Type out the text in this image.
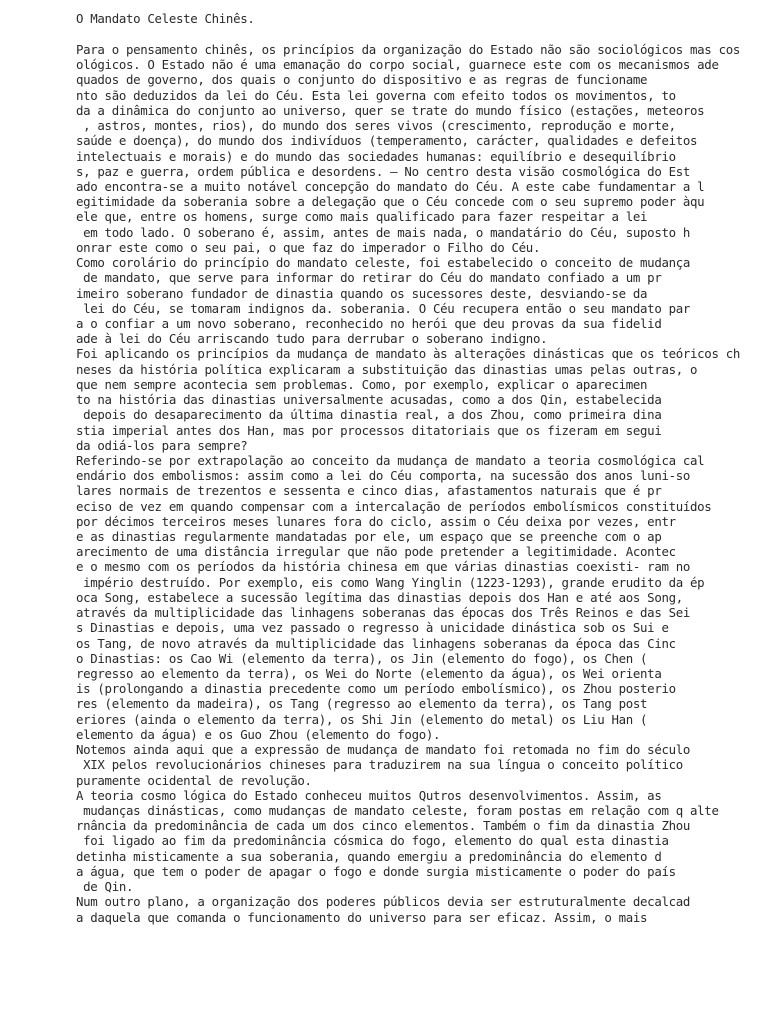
O Mandato Celeste Chinês.
Para o pensamento chinês, os princípios da organização do Estado não são sociológicos mas cos
ológicos. O Estado não é uma emanação do corpo social, guarnece este com os mecanismos ade
quados de governo, dos quais o conjunto do dispositivo e as regras de funcioname
nto são deduzidos da lei do Céu. Esta lei governa com efeito todos os movimentos, to
da a dinâmica do conjunto ao universo, quer se trate do mundo físico (estações, meteoros
, astros, montes, rios), do mundo dos seres vivos (crescimento, reprodução e morte,
saúde e doença), do mundo dos indivíduos (temperamento, carácter, qualidades e defeitos
intelectuais e morais) e do mundo das sociedades humanas: equilíbrio e desequilíbrio
s, paz e guerra, ordem pública e desordens. – No centro desta visão cosmológica do Est
ado encontra-se a muito notável concepção do mandato do Céu. A este cabe fundamentar a l
egitimidade da soberania sobre a delegação que o Céu concede com o seu supremo poder àqu
ele que, entre os homens, surge como mais qualificado para fazer respeitar a lei
em todo lado. O soberano é, assim, antes de mais nada, o mandatário do Céu, suposto h
onrar este como o seu pai, o que faz do imperador o Filho do Céu.
Como corolário do princípio do mandato celeste, foi estabelecido o conceito de mudança
de mandato, que serve para informar do retirar do Céu do mandato confiado a um pr
imeiro soberano fundador de dinastia quando os sucessores deste, desviando-se da
lei do Céu, se tomaram indignos da. soberania. O Céu recupera então o seu mandato par
a o confiar a um novo soberano, reconhecido no herói que deu provas da sua fidelid
ade à lei do Céu arriscando tudo para derrubar o soberano indigno.
Foi aplicando os princípios da mudança de mandato às alterações dinásticas que os teóricos ch
neses da história política explicaram a substituição das dinastias umas pelas outras, o
que nem sempre acontecia sem problemas. Como, por exemplo, explicar o aparecimen
to na história das dinastias universalmente acusadas, como a dos Qin, estabelecida
depois do desaparecimento da última dinastia real, a dos Zhou, como primeira dina
stia imperial antes dos Han, mas por processos ditatoriais que os fizeram em segui
da odiá-los para sempre?
Referindo-se por extrapolação ao conceito da mudança de mandato a teoria cosmológica cal
endário dos embolismos: assim como a lei do Céu comporta, na sucessão dos anos luni-so
lares normais de trezentos e sessenta e cinco dias, afastamentos naturais que é pr
eciso de vez em quando compensar com a intercalação de períodos embolísmicos constituídos
por décimos terceiros meses lunares fora do ciclo, assim o Céu deixa por vezes, entr
e as dinastias regularmente mandatadas por ele, um espaço que se preenche com o ap
arecimento de uma distância irregular que não pode pretender a legitimidade. Acontec
e o mesmo com os períodos da história chinesa em que várias dinastias coexisti- ram no
império destruído. Por exemplo, eis como Wang Yinglin (1223-1293), grande erudito da ép
oca Song, estabelece a sucessão legítima das dinastias depois dos Han e até aos Song,
através da multiplicidade das linhagens soberanas das épocas dos Três Reinos e das Sei
s Dinastias e depois, uma vez passado o regresso à unicidade dinástica sob os Sui e
os Tang, de novo através da multiplicidade das linhagens soberanas da época das Cinc
o Dinastias: os Cao Wi (elemento da terra), os Jin (elemento do fogo), os Chen (
regresso ao elemento da terra), os Wei do Norte (elemento da água), os Wei orienta
is (prolongando a dinastia precedente como um período embolísmico), os Zhou posterio
res (elemento da madeira), os Tang (regresso ao elemento da terra), os Tang post
eriores (ainda o elemento da terra), os Shi Jin (elemento do metal) os Liu Han (
elemento da água) e os Guo Zhou (elemento do fogo).
Notemos ainda aqui que a expressão de mudança de mandato foi retomada no fim do século
XIX pelos revolucionários chineses para traduzirem na sua língua o conceito político
puramente ocidental de revolução.
A teoria cosmo lógica do Estado conheceu muitos Qutros desenvolvimentos. Assim, as
mudanças dinásticas, como mudanças de mandato celeste, foram postas em relação com q alte
rnância da predominância de cada um dos cinco elementos. Também o fim da dinastia Zhou
foi ligado ao fim da predominância cósmica do fogo, elemento do qual esta dinastia
detinha misticamente a sua soberania, quando emergiu a predominância do elemento d
a água, que tem o poder de apagar o fogo e donde surgia misticamente o poder do país
de Qin.
Num outro plano, a organização dos poderes públicos devia ser estruturalmente decalcad
a daquela que comanda o funcionamento do universo para ser eficaz. Assim, o mais
